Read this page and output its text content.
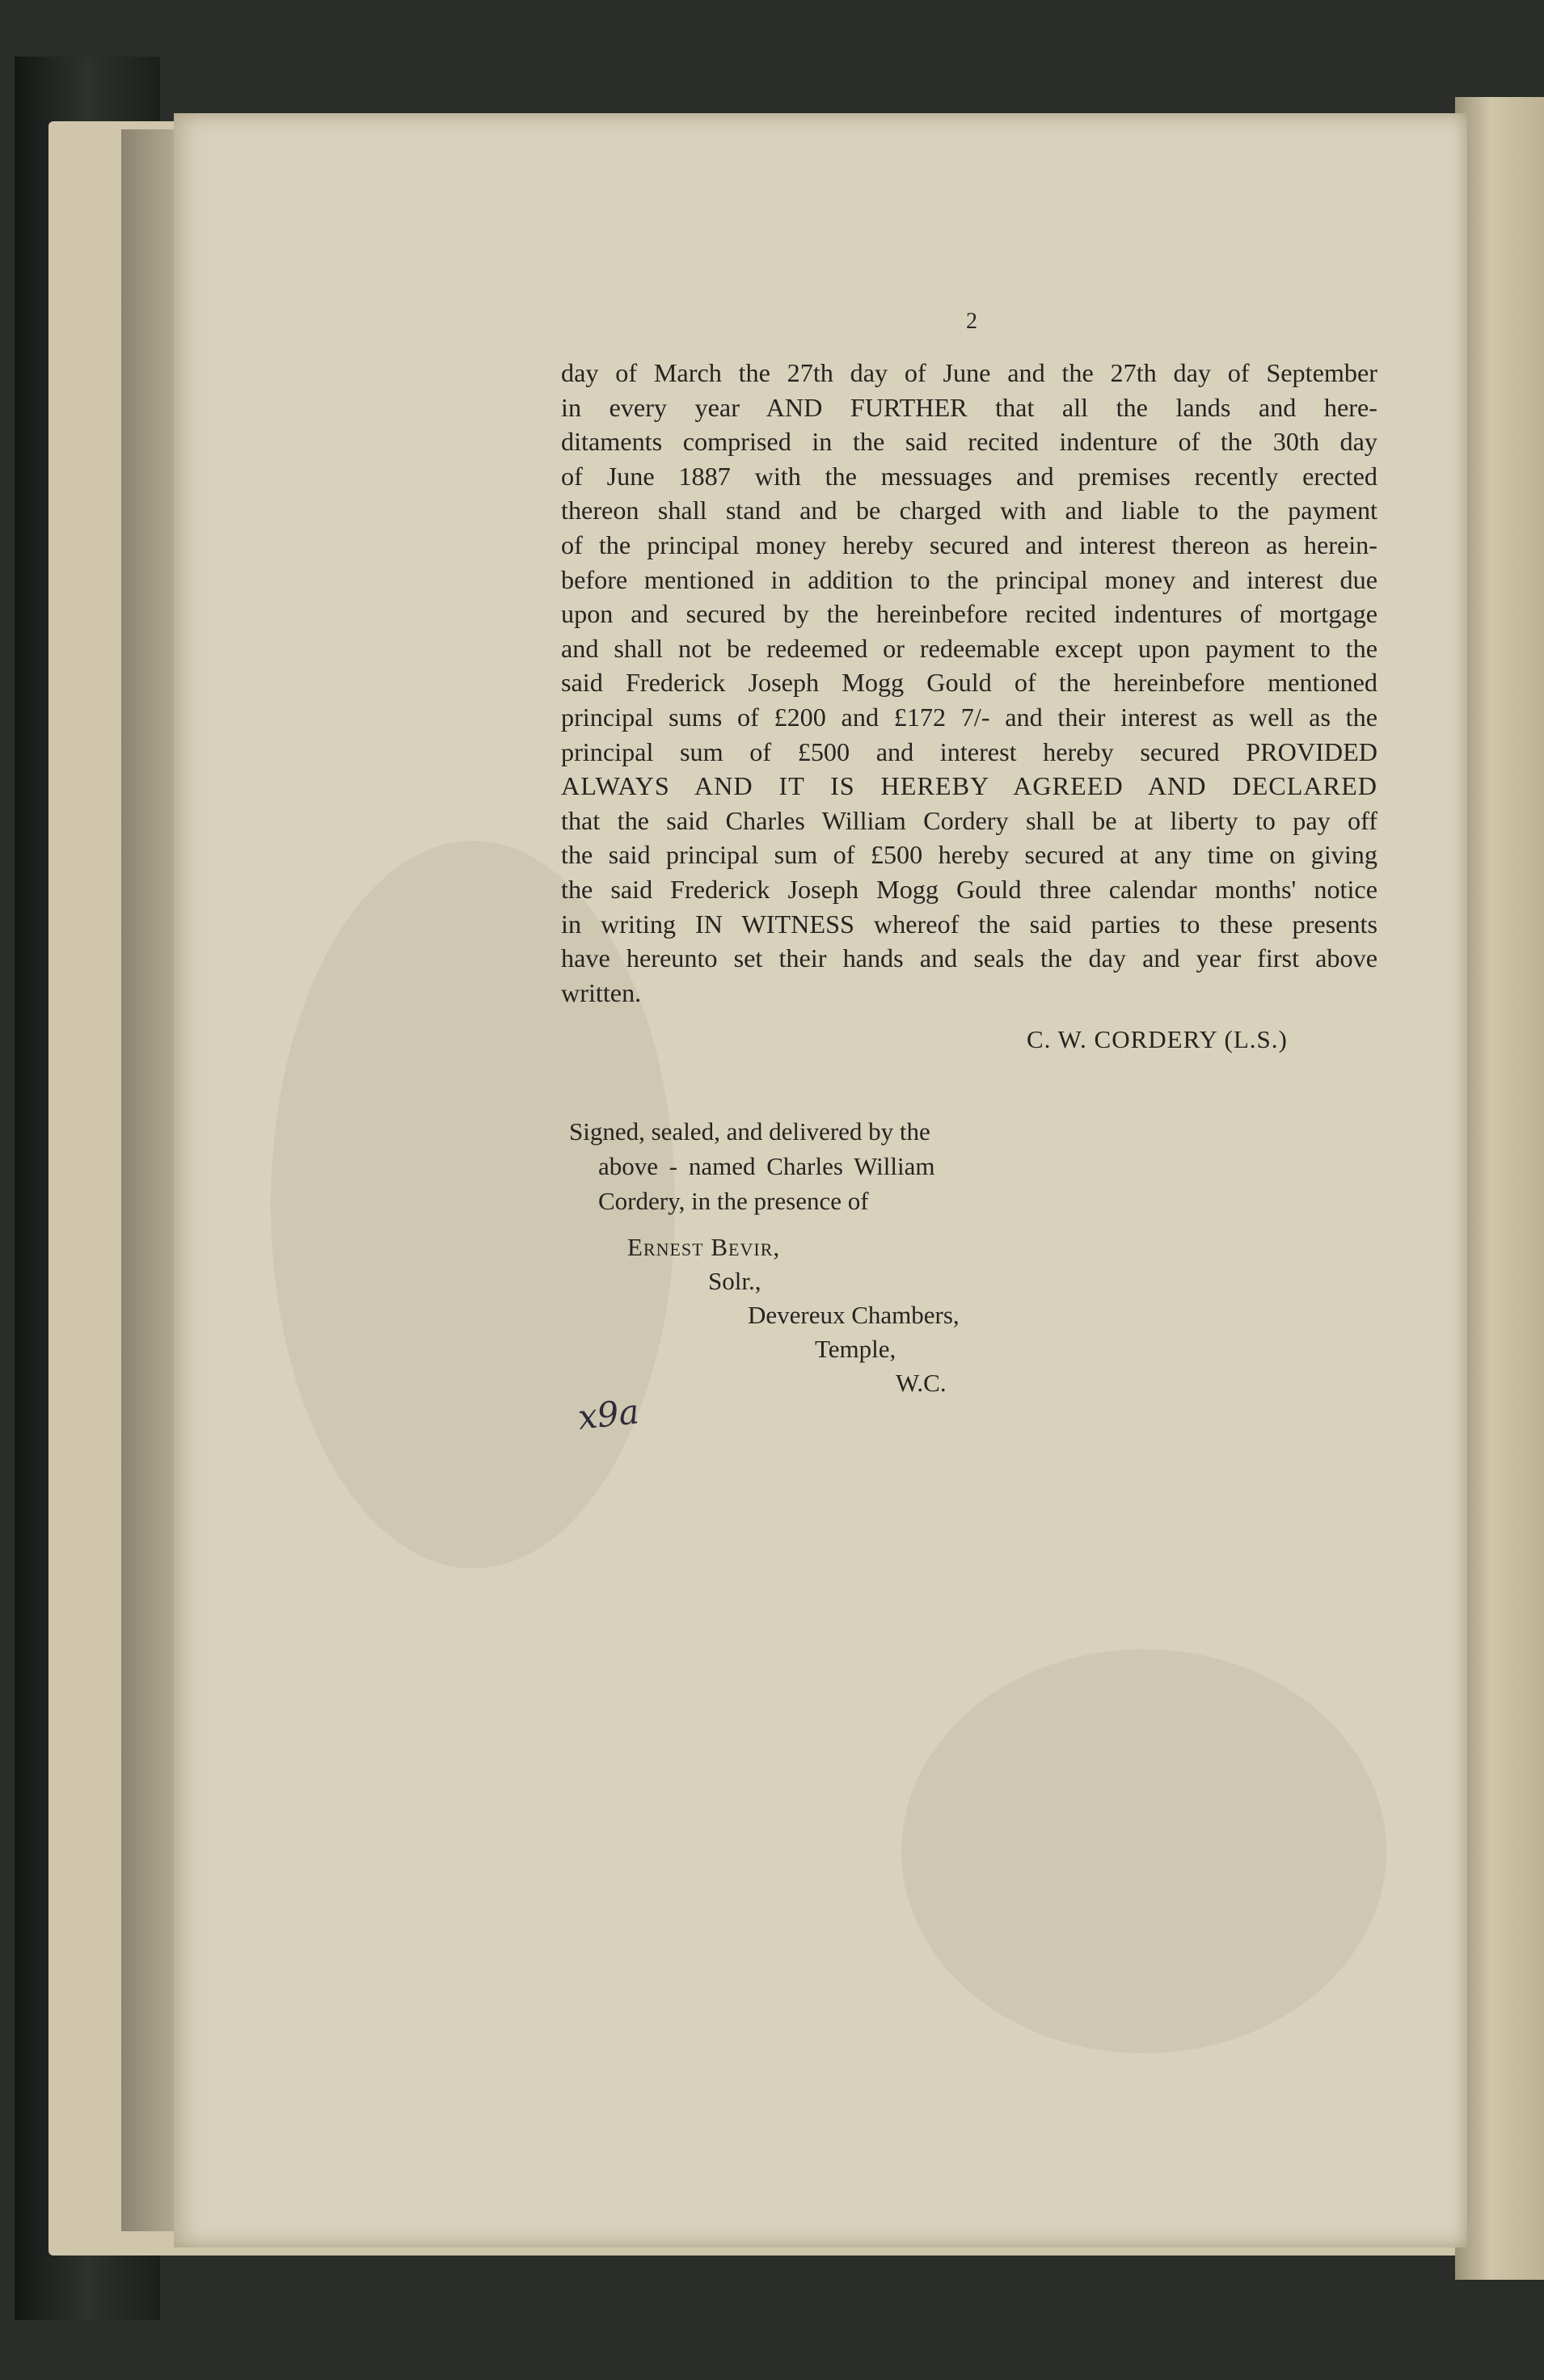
2
day of March the 27th day of June and the 27th day of September
in every year AND FURTHER that all the lands and here-
ditaments comprised in the said recited indenture of the 30th day
of June 1887 with the messuages and premises recently erected
thereon shall stand and be charged with and liable to the payment
of the principal money hereby secured and interest thereon as herein-
before mentioned in addition to the principal money and interest due
upon and secured by the hereinbefore recited indentures of mortgage
and shall not be redeemed or redeemable except upon payment to the
said Frederick Joseph Mogg Gould of the hereinbefore mentioned
principal sums of £200 and £172 7/- and their interest as well as the
principal sum of £500 and interest hereby secured PROVIDED
ALWAYS AND IT IS HEREBY AGREED AND DECLARED
that the said Charles William Cordery shall be at liberty to pay off
the said principal sum of £500 hereby secured at any time on giving
the said Frederick Joseph Mogg Gould three calendar months' notice
in writing IN WITNESS whereof the said parties to these presents
have hereunto set their hands and seals the day and year first above
written.
C. W. CORDERY (L.S.)
Signed, sealed, and delivered by the
above - named Charles William
Cordery, in the presence of
Ernest Bevir,
Solr.,
Devereux Chambers,
Temple,
W.C.
x9a
